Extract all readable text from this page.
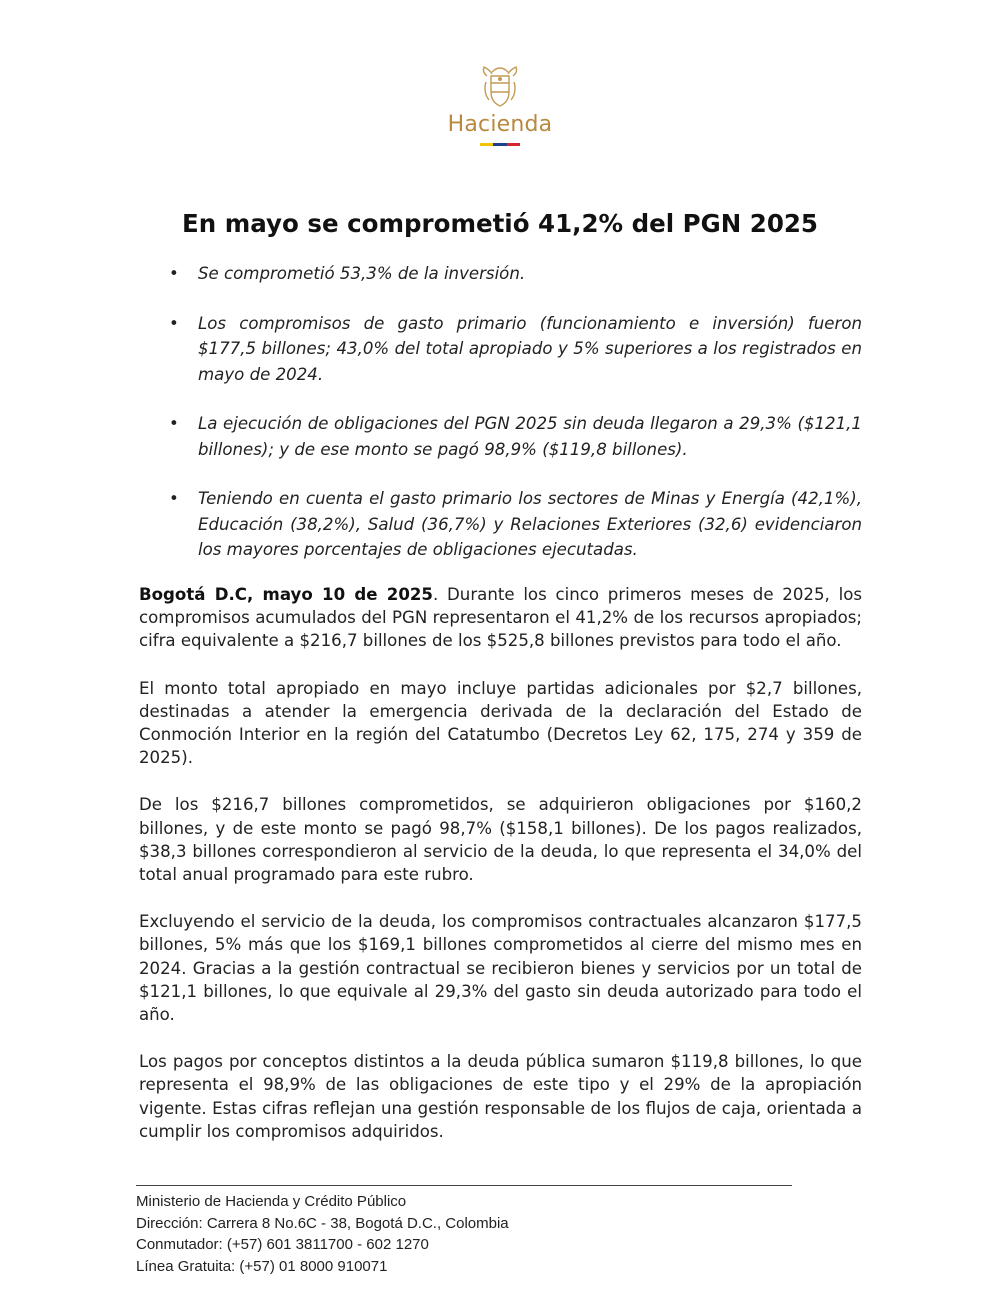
Hacienda
En mayo se comprometió 41,2% del PGN 2025
• Se comprometió 53,3% de la inversión.
• Los compromisos de gasto primario (funcionamiento e inversión) fueron $177,5 billones; 43,0% del total apropiado y 5% superiores a los registrados en mayo de 2024.
• La ejecución de obligaciones del PGN 2025 sin deuda llegaron a 29,3% ($121,1 billones); y de ese monto se pagó 98,9% ($119,8 billones).
• Teniendo en cuenta el gasto primario los sectores de Minas y Energía (42,1%), Educación (38,2%), Salud (36,7%) y Relaciones Exteriores (32,6) evidenciaron los mayores porcentajes de obligaciones ejecutadas.

Bogotá D.C, mayo 10 de 2025. Durante los cinco primeros meses de 2025, los compromisos acumulados del PGN representaron el 41,2% de los recursos apropiados; cifra equivalente a $216,7 billones de los $525,8 billones previstos para todo el año.

El monto total apropiado en mayo incluye partidas adicionales por $2,7 billones, destinadas a atender la emergencia derivada de la declaración del Estado de Conmoción Interior en la región del Catatumbo (Decretos Ley 62, 175, 274 y 359 de 2025).

De los $216,7 billones comprometidos, se adquirieron obligaciones por $160,2 billones, y de este monto se pagó 98,7% ($158,1 billones). De los pagos realizados, $38,3 billones correspondieron al servicio de la deuda, lo que representa el 34,0% del total anual programado para este rubro.

Excluyendo el servicio de la deuda, los compromisos contractuales alcanzaron $177,5 billones, 5% más que los $169,1 billones comprometidos al cierre del mismo mes en 2024. Gracias a la gestión contractual se recibieron bienes y servicios por un total de $121,1 billones, lo que equivale al 29,3% del gasto sin deuda autorizado para todo el año.

Los pagos por conceptos distintos a la deuda pública sumaron $119,8 billones, lo que representa el 98,9% de las obligaciones de este tipo y el 29% de la apropiación vigente. Estas cifras reflejan una gestión responsable de los flujos de caja, orientada a cumplir los compromisos adquiridos.

Ministerio de Hacienda y Crédito Público
Dirección: Carrera 8 No.6C - 38, Bogotá D.C., Colombia
Conmutador: (+57) 601 3811700 - 602 1270
Línea Gratuita: (+57) 01 8000 910071
